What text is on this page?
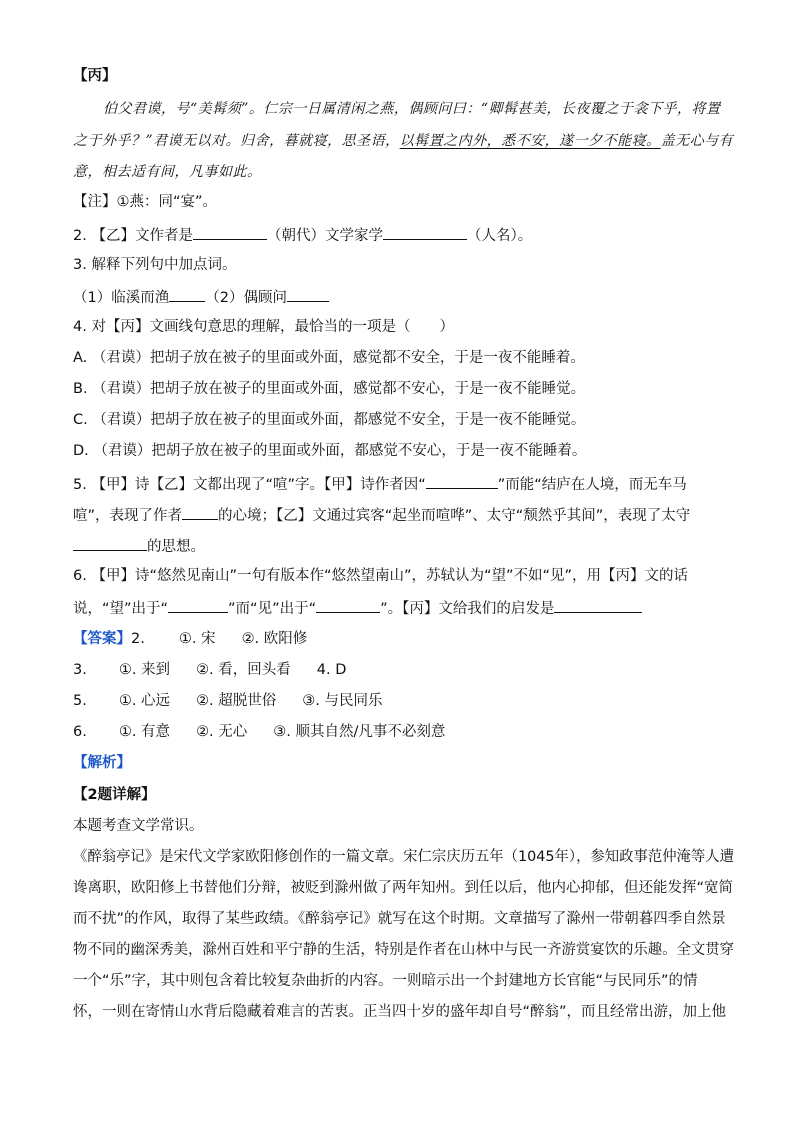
【丙】
伯父君谟，号“美髯须”。仁宗一日属清闲之燕，偶顾问曰：“卿髯甚美，长夜覆之于衾下乎，将置
之于外乎？”君谟无以对。归舍，暮就寝，思圣语，以髯置之内外，悉不安，遂一夕不能寝。盖无心与有
意，相去适有间，凡事如此。
【注】①燕：同“宴”。
2. 【乙】文作者是	（朝代）文学家学	（人名）。
3. 解释下列句中加点词。
（1）临溪而渔 （2）偶顾问
4. 对【丙】文画线句意思的理解，最恰当的一项是（　　）
A. （君谟）把胡子放在被子的里面或外面，感觉都不安全，于是一夜不能睡着。
B. （君谟）把胡子放在被子的里面或外面，感觉都不安心，于是一夜不能睡觉。
C. （君谟）把胡子放在被子的里面或外面，都感觉不安全，于是一夜不能睡觉。
D. （君谟）把胡子放在被子的里面或外面，都感觉不安心，于是一夜不能睡着。
5. 【甲】诗【乙】文都出现了“喧”字。【甲】诗作者因“	”而能“结庐在人境，而无车马
喧”，表现了作者 的心境；【乙】文通过宾客“起坐而喧哗”、太守“颓然乎其间”，表现了太守
的思想。
6. 【甲】诗“悠然见南山”一句有版本作“悠然望南山”，苏轼认为“望”不如“见”，用【丙】文的话
说，“望”出于“	”而“见”出于“	”。【丙】文给我们的启发是
【答案】2. ①. 宋 ②. 欧阳修
3. ①. 来到 ②. 看，回头看 4. D
5. ①. 心远 ②. 超脱世俗 ③. 与民同乐
6. ①. 有意 ②. 无心 ③. 顺其自然/凡事不必刻意
【解析】
【2题详解】
本题考查文学常识。
《醉翁亭记》是宋代文学家欧阳修创作的一篇文章。宋仁宗庆历五年（1045年），参知政事范仲淹等人遭
谗离职，欧阳修上书替他们分辩，被贬到滁州做了两年知州。到任以后，他内心抑郁，但还能发挥“宽简
而不扰”的作风，取得了某些政绩。《醉翁亭记》就写在这个时期。文章描写了滁州一带朝暮四季自然景
物不同的幽深秀美，滁州百姓和平宁静的生活，特别是作者在山林中与民一齐游赏宴饮的乐趣。全文贯穿
一个“乐”字，其中则包含着比较复杂曲折的内容。一则暗示出一个封建地方长官能“与民同乐”的情
怀，一则在寄情山水背后隐藏着难言的苦衷。正当四十岁的盛年却自号“醉翁”，而且经常出游，加上他
